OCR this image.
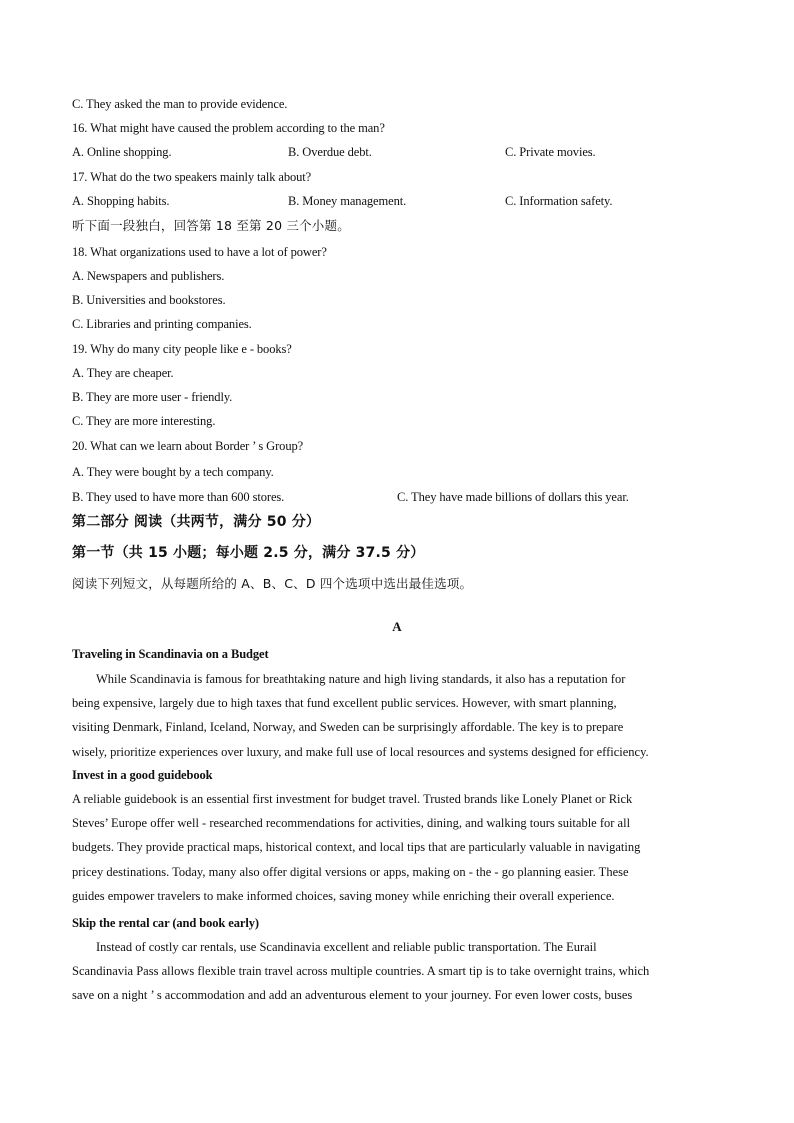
C. They asked the man to provide evidence.
16. What might have caused the problem according to the man?
A. Online shopping.	B. Overdue debt.	C. Private movies.
17. What do the two speakers mainly talk about?
A. Shopping habits.	B. Money management.	C. Information safety.
听下面一段独白，回答第 18 至第 20 三个小题。
18. What organizations used to have a lot of power?
A. Newspapers and publishers.
B. Universities and bookstores.
C. Libraries and printing companies.
19. Why do many city people like e - books?
A. They are cheaper.
B. They are more user - friendly.
C. They are more interesting.
20. What can we learn about Border ’ s Group?
A. They were bought by a tech company.
B. They used to have more than 600 stores.	C. They have made billions of dollars this year.
第二部分 阅读（共两节，满分 50 分）
第一节（共 15 小题；每小题 2.5 分，满分 37.5 分）
阅读下列短文，从每题所给的 A、B、C、D 四个选项中选出最佳选项。
A
Traveling in Scandinavia on a Budget
While Scandinavia is famous for breathtaking nature and high living standards, it also has a reputation for
being expensive, largely due to high taxes that fund excellent public services. However, with smart planning,
visiting Denmark, Finland, Iceland, Norway, and Sweden can be surprisingly affordable. The key is to prepare
wisely, prioritize experiences over luxury, and make full use of local resources and systems designed for efficiency.
Invest in a good guidebook
A reliable guidebook is an essential first investment for budget travel. Trusted brands like Lonely Planet or Rick
Steves’ Europe offer well - researched recommendations for activities, dining, and walking tours suitable for all
budgets. They provide practical maps, historical context, and local tips that are particularly valuable in navigating
pricey destinations. Today, many also offer digital versions or apps, making on - the - go planning easier. These
guides empower travelers to make informed choices, saving money while enriching their overall experience.
Skip the rental car (and book early)
Instead of costly car rentals, use Scandinavia excellent and reliable public transportation. The Eurail
Scandinavia Pass allows flexible train travel across multiple countries. A smart tip is to take overnight trains, which
save on a night ’ s accommodation and add an adventurous element to your journey. For even lower costs, buses
